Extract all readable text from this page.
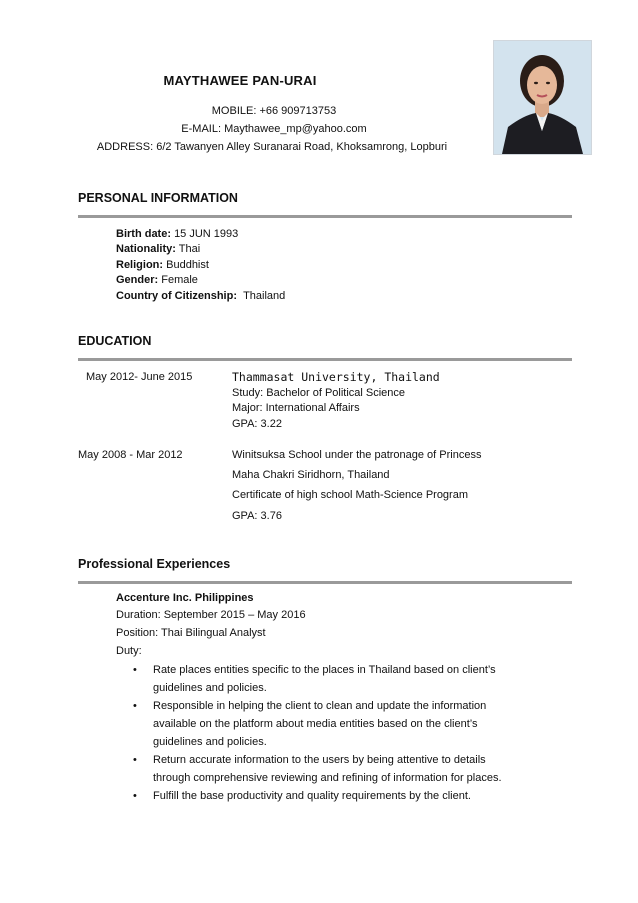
MAYTHAWEE PAN-URAI
MOBILE: +66 909713753
E-MAIL: Maythawee_mp@yahoo.com
ADDRESS: 6/2 Tawanyen Alley Suranarai Road, Khoksamrong, Lopburi
PERSONAL INFORMATION
Birth date: 15 JUN 1993
Nationality: Thai
Religion: Buddhist
Gender: Female
Country of Citizenship: Thailand
EDUCATION
May 2012- June 2015	Thammasat University, Thailand
Study: Bachelor of Political Science
Major: International Affairs
GPA: 3.22
May 2008 - Mar 2012	Winitsuksa School under the patronage of Princess
Maha Chakri Siridhorn, Thailand
Certificate of high school Math-Science Program
GPA: 3.76
Professional Experiences
Accenture Inc. Philippines
Duration: September 2015 – May 2016
Position: Thai Bilingual Analyst
Duty:
• Rate places entities specific to the places in Thailand based on client’s
guidelines and policies.
• Responsible in helping the client to clean and update the information
available on the platform about media entities based on the client’s
guidelines and policies.
• Return accurate information to the users by being attentive to details
through comprehensive reviewing and refining of information for places.
• Fulfill the base productivity and quality requirements by the client.
